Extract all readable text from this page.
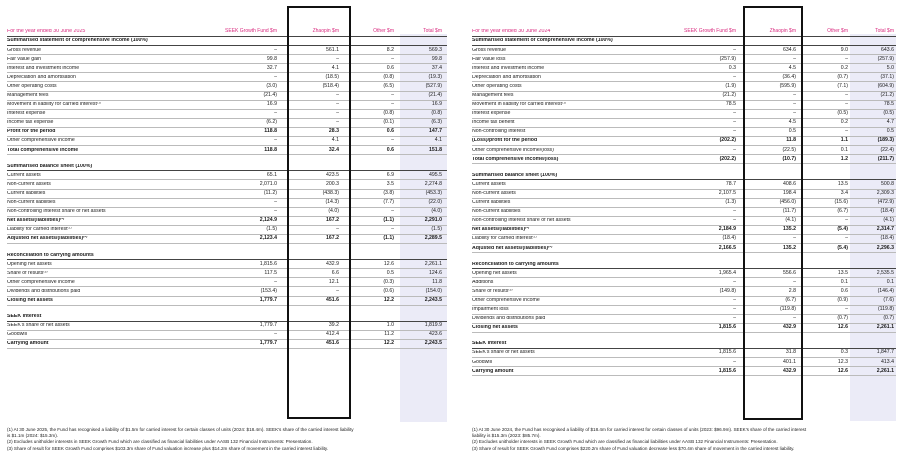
For the year ended 30 June 2025	SEEK Growth Fund $m	Zhaopin $m	Other $m	Total $m
Summarised statement of comprehensive income (100%)
Gross revenue	–	561.1	8.2	569.3
Fair value gain	99.8	–	–	99.8
Interest and investment income	32.7	4.1	0.6	37.4
Depreciation and amortisation	–	(18.5)	(0.8)	(19.3)
Other operating costs	(3.0)	(518.4)	(6.5)	(527.9)
Management fees	(21.4)	–	–	(21.4)
Movement in liability for carried interest⁽¹⁾	16.9	–	–	16.9
Interest expense	–	–	(0.8)	(0.8)
Income tax expense	(6.2)	–	(0.1)	(6.3)
Profit for the period	118.8	28.3	0.6	147.7
Other comprehensive income	–	4.1	–	4.1
Total comprehensive income	118.8	32.4	0.6	151.8
Summarised balance sheet (100%)
Current assets	65.1	423.5	6.9	495.5
Non-current assets	2,071.0	200.3	3.5	2,274.8
Current liabilities	(11.2)	(438.3)	(3.8)	(453.3)
Non-current liabilities	–	(14.3)	(7.7)	(22.0)
Non-controlling interest share of net assets	–	(4.0)	–	(4.0)
Net assets/(liabilities)⁽²⁾	2,124.9	167.2	(1.1)	2,291.0
Liability for carried interest⁽¹⁾	(1.5)	–	–	(1.5)
Adjusted net assets/(liabilities)⁽²⁾	2,123.4	167.2	(1.1)	2,289.5
Reconciliation to carrying amounts
Opening net assets	1,815.6	432.9	12.6	2,261.1
Share of results⁽³⁾	117.5	6.6	0.5	124.6
Other comprehensive income	–	12.1	(0.3)	11.8
Dividends and distributions paid	(153.4)	–	(0.6)	(154.0)
Closing net assets	1,779.7	451.6	12.2	2,243.5
SEEK interest
SEEK's share of net assets	1,779.7	39.2	1.0	1,819.9
Goodwill	–	412.4	11.2	423.6
Carrying amount	1,779.7	451.6	12.2	2,243.5
For the year ended 30 June 2024	SEEK Growth Fund $m	Zhaopin $m	Other $m	Total $m
Summarised statement of comprehensive income (100%)
Gross revenue	–	634.6	9.0	643.6
Fair value loss	(257.9)	–	–	(257.9)
Interest and investment income	0.3	4.5	0.2	5.0
Depreciation and amortisation	–	(36.4)	(0.7)	(37.1)
Other operating costs	(1.9)	(595.9)	(7.1)	(604.9)
Management fees	(21.2)	–	–	(21.2)
Movement in liability for carried interest⁽¹⁾	78.5	–	–	78.5
Interest expense	–	–	(0.5)	(0.5)
Income tax benefit	–	4.5	0.2	4.7
Non-controlling interest	–	0.5	–	0.5
(Loss)/profit for the period	(202.2)	11.8	1.1	(189.3)
Other comprehensive income/(loss)	–	(22.5)	0.1	(22.4)
Total comprehensive income/(loss)	(202.2)	(10.7)	1.2	(211.7)
Summarised balance sheet (100%)
Current assets	78.7	408.6	13.5	500.8
Non-current assets	2,107.5	198.4	3.4	2,309.3
Current liabilities	(1.3)	(456.0)	(15.6)	(472.9)
Non-current liabilities	–	(11.7)	(6.7)	(18.4)
Non-controlling interest share of net assets	–	(4.1)	–	(4.1)
Net assets/(liabilities)⁽²⁾	2,184.9	135.2	(5.4)	2,314.7
Liability for carried interest⁽¹⁾	(18.4)	–	–	(18.4)
Adjusted net assets/(liabilities)⁽²⁾	2,166.5	135.2	(5.4)	2,296.3
Reconciliation to carrying amounts
Opening net assets	1,965.4	556.6	13.5	2,535.5
Additions	–	–	0.1	0.1
Share of results⁽³⁾	(149.8)	2.8	0.6	(146.4)
Other comprehensive income	–	(6.7)	(0.9)	(7.6)
Impairment loss	–	(119.8)	–	(119.8)
Dividends and distributions paid	–	–	(0.7)	(0.7)
Closing net assets	1,815.6	432.9	12.6	2,261.1
SEEK interest
SEEK's share of net assets	1,815.6	31.8	0.3	1,847.7
Goodwill	–	401.1	12.3	413.4
Carrying amount	1,815.6	432.9	12.6	2,261.1
(1) At 30 June 2025, the Fund has recognised a liability of $1.5m for carried interest for certain classes of units (2024: $18.4m). SEEK's share of the carried interest liability
is $1.1m (2024: $15.3m).
(2) Excludes unitholder interests in SEEK Growth Fund which are classified as financial liabilities under AASB 132 Financial Instruments: Presentation.
(3) Share of result for SEEK Growth Fund comprises $103.3m share of Fund valuation increase plus $14.2m share of movement in the carried interest liability.
(1) At 30 June 2024, the Fund has recognised a liability of $18.4m for carried interest for certain classes of units (2023: $96.9m). SEEK's share of the carried interest
liability is $15.3m (2023: $85.7m).
(2) Excludes unitholder interests in SEEK Growth Fund which are classified as financial liabilities under AASB 132 Financial Instruments: Presentation.
(3) Share of result for SEEK Growth Fund comprises $220.2m share of Fund valuation decrease less $70.4m share of movement in the carried interest liability.
